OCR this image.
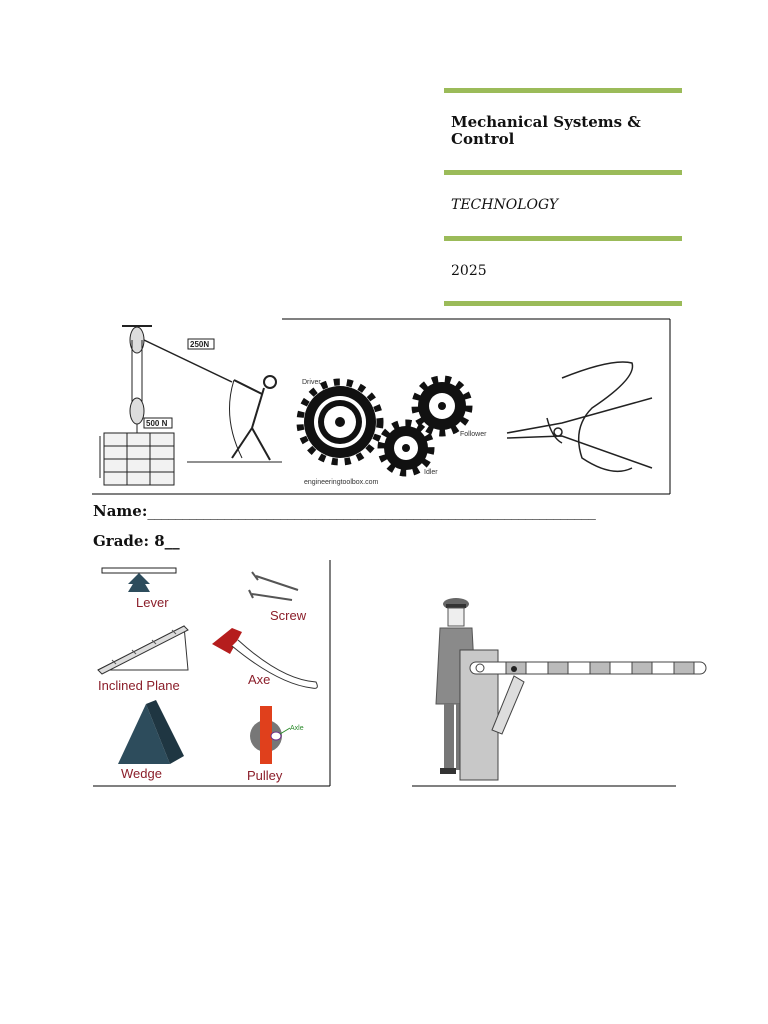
Mechanical Systems & Control
TECHNOLOGY
2025
250N
500 N
Driver
Follower
Idler
engineeringtoolbox.com
Name:________________________________________________________________
Grade: 8__
Lever
Screw
Inclined Plane	Axe
Wedge
Axle
Pulley
